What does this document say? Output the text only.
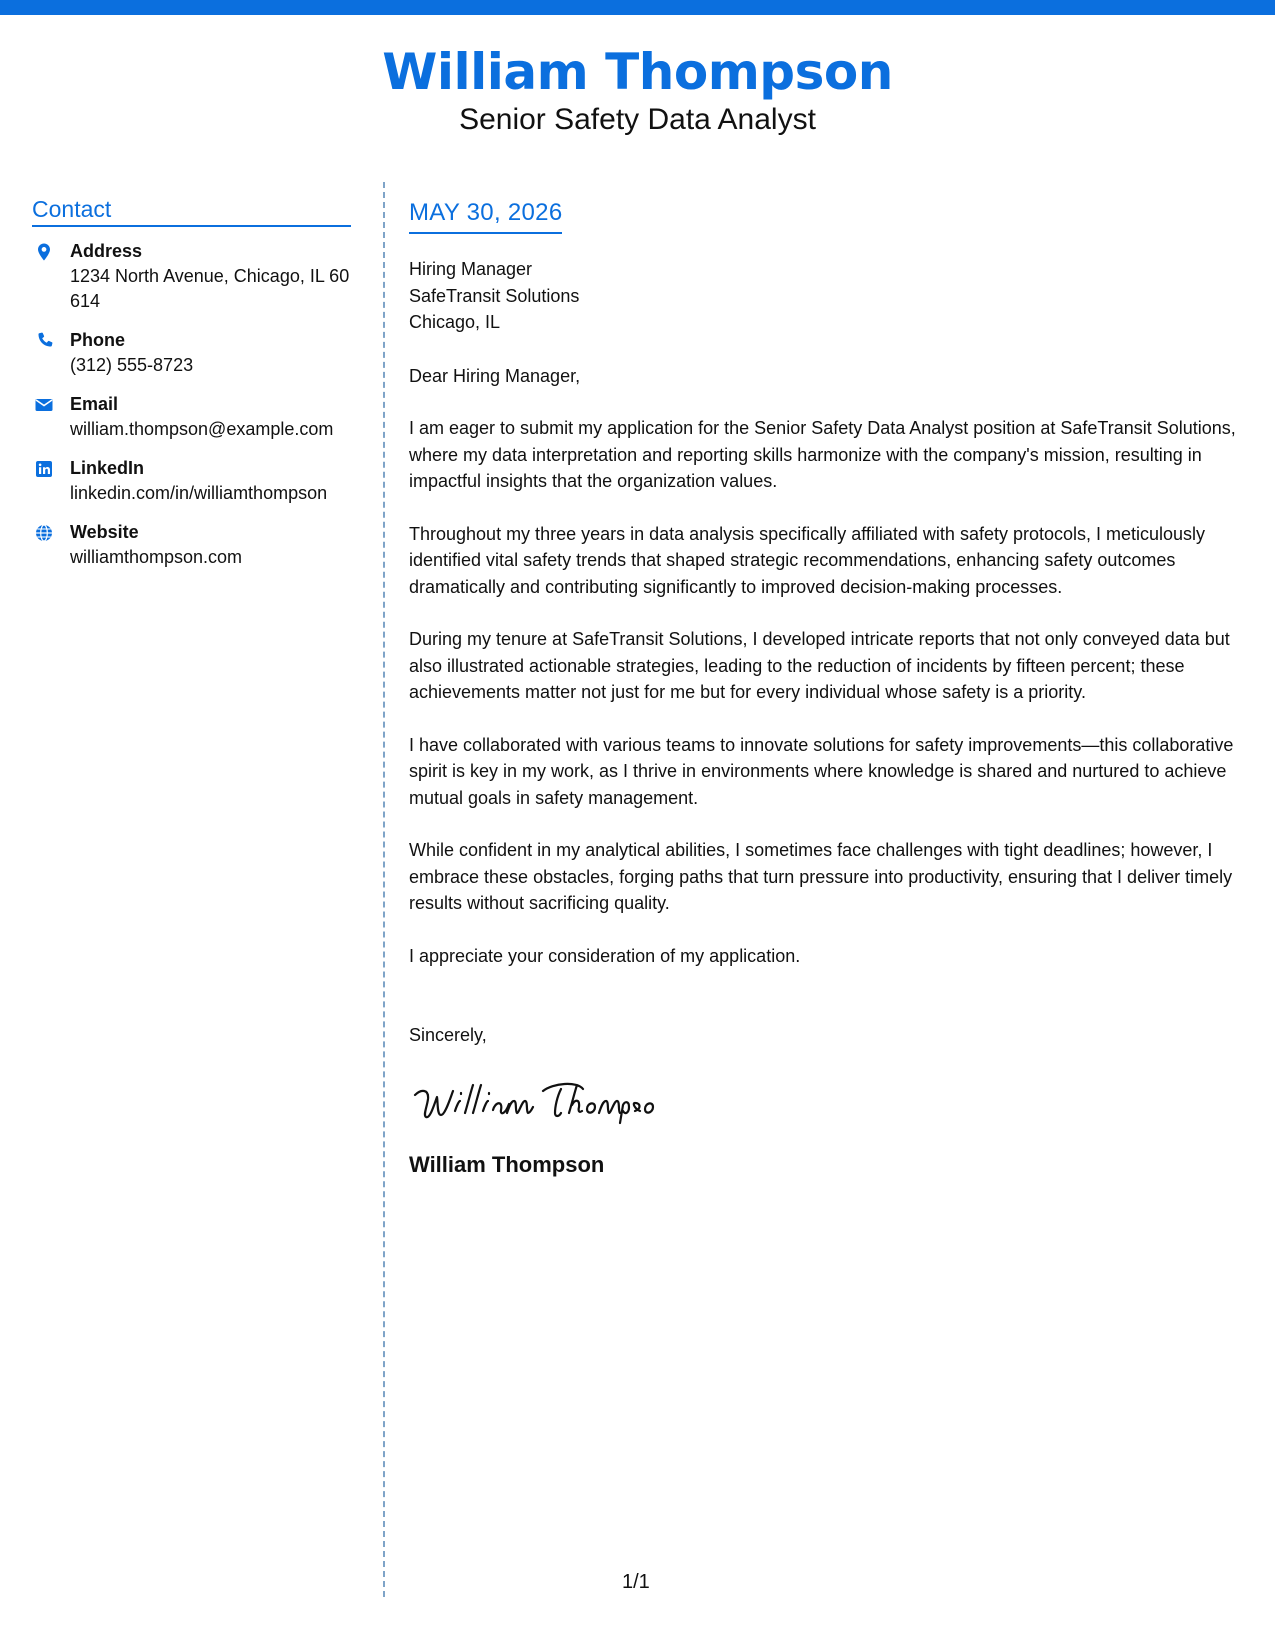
William Thompson
Senior Safety Data Analyst
Contact
Address
1234 North Avenue, Chicago, IL 60614
Phone
(312) 555-8723
Email
william.thompson@example.com
LinkedIn
linkedin.com/in/williamthompson
Website
williamthompson.com
MAY 30, 2026
Hiring Manager
SafeTransit Solutions
Chicago, IL
Dear Hiring Manager,
I am eager to submit my application for the Senior Safety Data Analyst position at SafeTransit Solutions, where my data interpretation and reporting skills harmonize with the company's mission, resulting in impactful insights that the organization values.
Throughout my three years in data analysis specifically affiliated with safety protocols, I meticulously identified vital safety trends that shaped strategic recommendations, enhancing safety outcomes dramatically and contributing significantly to improved decision-making processes.
During my tenure at SafeTransit Solutions, I developed intricate reports that not only conveyed data but also illustrated actionable strategies, leading to the reduction of incidents by fifteen percent; these achievements matter not just for me but for every individual whose safety is a priority.
I have collaborated with various teams to innovate solutions for safety improvements—this collaborative spirit is key in my work, as I thrive in environments where knowledge is shared and nurtured to achieve mutual goals in safety management.
While confident in my analytical abilities, I sometimes face challenges with tight deadlines; however, I embrace these obstacles, forging paths that turn pressure into productivity, ensuring that I deliver timely results without sacrificing quality.
I appreciate your consideration of my application.
Sincerely,
William Thompson
1/1
